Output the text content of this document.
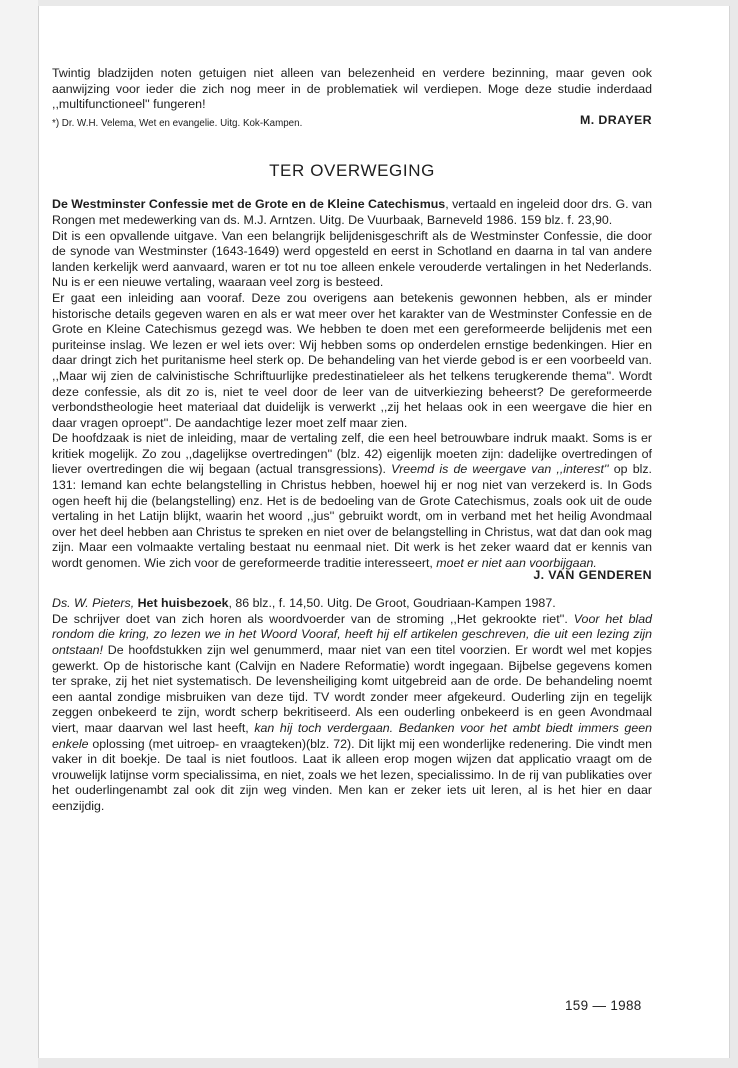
Twintig bladzijden noten getuigen niet alleen van belezenheid en verdere bezinning, maar geven ook aanwijzing voor ieder die zich nog meer in de problematiek wil verdiepen. Moge deze studie inderdaad ,,multifunctioneel'' fungeren!

M. DRAYER

*) Dr. W.H. Velema, Wet en evangelie. Uitg. Kok-Kampen.

TER OVERWEGING

De Westminster Confessie met de Grote en de Kleine Catechismus, vertaald en ingeleid door drs. G. van Rongen met medewerking van ds. M.J. Arntzen. Uitg. De Vuurbaak, Barneveld 1986. 159 blz. f. 23,90.

Dit is een opvallende uitgave. Van een belangrijk belijdenisgeschrift als de Westminster Confessie, die door de synode van Westminster (1643-1649) werd opgesteld en eerst in Schotland en daarna in tal van andere landen kerkelijk werd aanvaard, waren er tot nu toe alleen enkele verouderde vertalingen in het Nederlands. Nu is er een nieuwe vertaling, waaraan veel zorg is besteed.

Er gaat een inleiding aan vooraf. Deze zou overigens aan betekenis gewonnen hebben, als er minder historische details gegeven waren en als er wat meer over het karakter van de Westminster Confessie en de Grote en Kleine Catechismus gezegd was. We hebben te doen met een gereformeerde belijdenis met een puriteinse inslag. We lezen er wel iets over: Wij hebben soms op onderdelen ernstige bedenkingen. Hier en daar dringt zich het puritanisme heel sterk op. De behandeling van het vierde gebod is er een voorbeeld van. ,,Maar wij zien de calvinistische Schriftuurlijke predestinatieleer als het telkens terugkerende thema''. Wordt deze confessie, als dit zo is, niet te veel door de leer van de uitverkiezing beheerst? De gereformeerde verbondstheologie heet materiaal dat duidelijk is verwerkt ,,zij het helaas ook in een weergave die hier en daar vragen oproept''. De aandachtige lezer moet zelf maar zien.

De hoofdzaak is niet de inleiding, maar de vertaling zelf, die een heel betrouwbare indruk maakt. Soms is er kritiek mogelijk. Zo zou ,,dagelijkse overtredingen'' (blz. 42) eigenlijk moeten zijn: dadelijke overtredingen of liever overtredingen die wij begaan (actual transgressions). Vreemd is de weergave van ,,interest'' op blz. 131: Iemand kan echte belangstelling in Christus hebben, hoewel hij er nog niet van verzekerd is. In Gods ogen heeft hij die (belangstelling) enz. Het is de bedoeling van de Grote Catechismus, zoals ook uit de oude vertaling in het Latijn blijkt, waarin het woord ,,jus'' gebruikt wordt, om in verband met het heilig Avondmaal over het deel hebben aan Christus te spreken en niet over de belangstelling in Christus, wat dat dan ook mag zijn. Maar een volmaakte vertaling bestaat nu eenmaal niet. Dit werk is het zeker waard dat er kennis van wordt genomen. Wie zich voor de gereformeerde traditie interesseert, moet er niet aan voorbijgaan.

J. VAN GENDEREN

Ds. W. Pieters, Het huisbezoek, 86 blz., f. 14,50. Uitg. De Groot, Goudriaan-Kampen 1987.

De schrijver doet van zich horen als woordvoerder van de stroming ,,Het gekrookte riet''. Voor het blad rondom die kring, zo lezen we in het Woord Vooraf, heeft hij elf artikelen geschreven, die uit een lezing zijn ontstaan! De hoofdstukken zijn wel genummerd, maar niet van een titel voorzien. Er wordt wel met kopjes gewerkt. Op de historische kant (Calvijn en Nadere Reformatie) wordt ingegaan. Bijbelse gegevens komen ter sprake, zij het niet systematisch. De levensheiliging komt uitgebreid aan de orde. De behandeling noemt een aantal zondige misbruiken van deze tijd. TV wordt zonder meer afgekeurd. Ouderling zijn en tegelijk zeggen onbekeerd te zijn, wordt scherp bekritiseerd. Als een ouderling onbekeerd is en geen Avondmaal viert, maar daarvan wel last heeft, kan hij toch verdergaan. Bedanken voor het ambt biedt immers geen enkele oplossing (met uitroep- en vraagteken)(blz. 72). Dit lijkt mij een wonderlijke redenering. Die vindt men vaker in dit boekje. De taal is niet foutloos. Laat ik alleen erop mogen wijzen dat applicatio vraagt om de vrouwelijk latijnse vorm specialissima, en niet, zoals we het lezen, specialissimo. In de rij van publikaties over het ouderlingenambt zal ook dit zijn weg vinden. Men kan er zeker iets uit leren, al is het hier en daar eenzijdig.

159 — 1988
